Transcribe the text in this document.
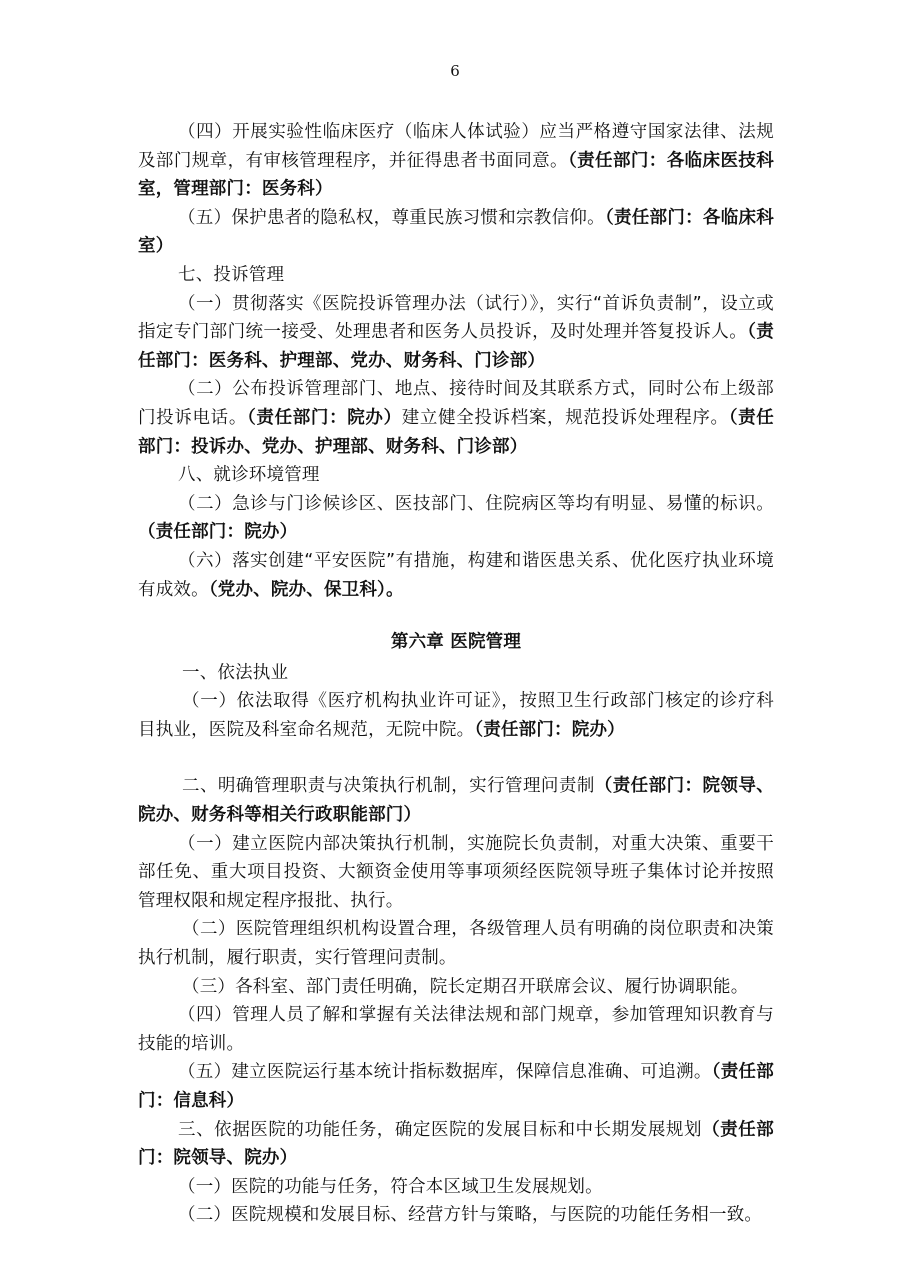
6

（四）开展实验性临床医疗（临床人体试验）应当严格遵守国家法律、法规及部门规章，有审核管理程序，并征得患者书面同意。（责任部门：各临床医技科室，管理部门：医务科）

（五）保护患者的隐私权，尊重民族习惯和宗教信仰。（责任部门：各临床科室）

七、投诉管理

（一）贯彻落实《医院投诉管理办法（试行）》，实行“首诉负责制”，设立或指定专门部门统一接受、处理患者和医务人员投诉，及时处理并答复投诉人。（责任部门：医务科、护理部、党办、财务科、门诊部）

（二）公布投诉管理部门、地点、接待时间及其联系方式，同时公布上级部门投诉电话。（责任部门：院办）建立健全投诉档案，规范投诉处理程序。（责任部门：投诉办、党办、护理部、财务科、门诊部）

八、就诊环境管理

（二）急诊与门诊候诊区、医技部门、住院病区等均有明显、易懂的标识。（责任部门：院办）

（六）落实创建“平安医院”有措施，构建和谐医患关系、优化医疗执业环境有成效。（党办、院办、保卫科）。

第六章 医院管理

一、依法执业

（一）依法取得《医疗机构执业许可证》，按照卫生行政部门核定的诊疗科目执业，医院及科室命名规范，无院中院。（责任部门：院办）

二、明确管理职责与决策执行机制，实行管理问责制（责任部门：院领导、院办、财务科等相关行政职能部门）

（一）建立医院内部决策执行机制，实施院长负责制，对重大决策、重要干部任免、重大项目投资、大额资金使用等事项须经医院领导班子集体讨论并按照管理权限和规定程序报批、执行。

（二）医院管理组织机构设置合理，各级管理人员有明确的岗位职责和决策执行机制，履行职责，实行管理问责制。

（三）各科室、部门责任明确，院长定期召开联席会议、履行协调职能。

（四）管理人员了解和掌握有关法律法规和部门规章，参加管理知识教育与技能的培训。

（五）建立医院运行基本统计指标数据库，保障信息准确、可追溯。（责任部门：信息科）

三、依据医院的功能任务，确定医院的发展目标和中长期发展规划（责任部门：院领导、院办）

（一）医院的功能与任务，符合本区域卫生发展规划。

（二）医院规模和发展目标、经营方针与策略，与医院的功能任务相一致。
